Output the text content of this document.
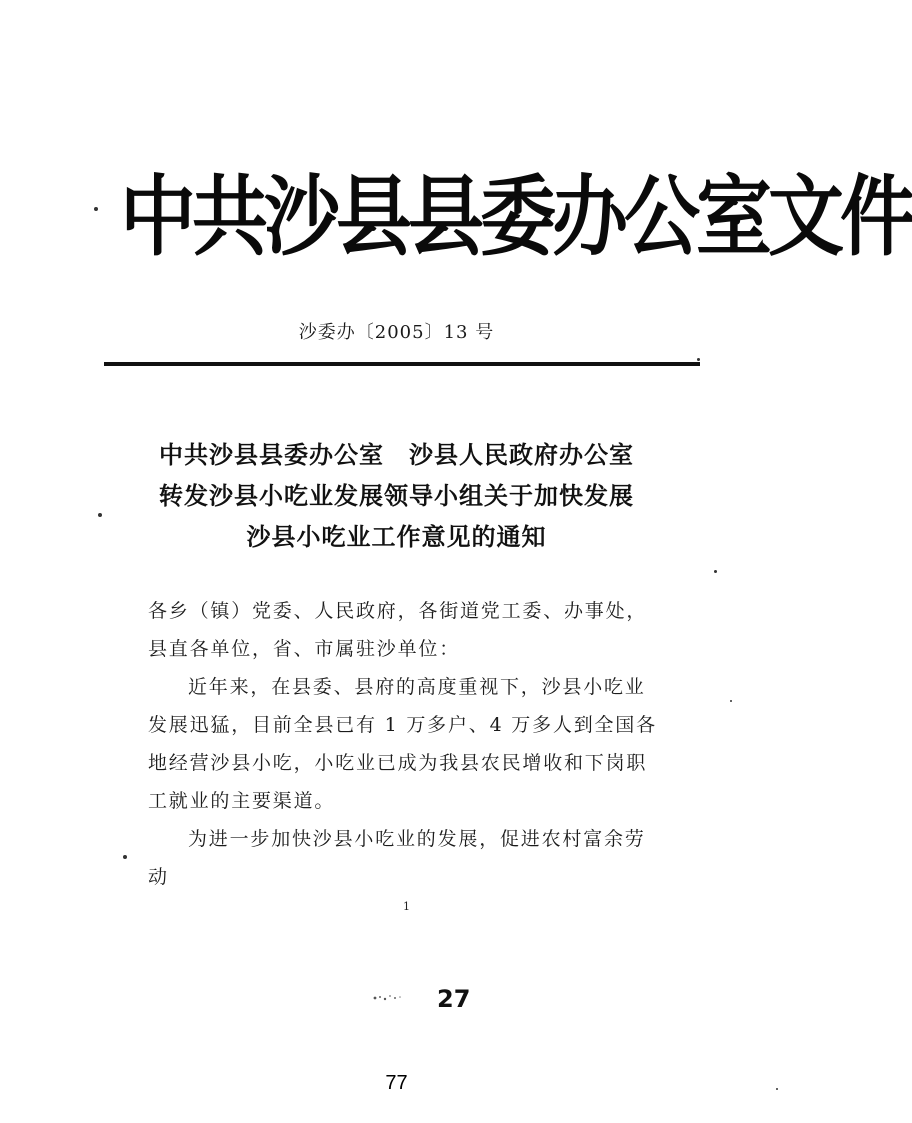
中 共 沙 县 县 委 办 公 室 文 件
沙委办〔2005〕13 号
中共沙县县委办公室　沙县人民政府办公室
转发沙县小吃业发展领导小组关于加快发展
沙县小吃业工作意见的通知

各乡（镇）党委、人民政府，各街道党工委、办事处，县直各单位，省、市属驻沙单位：

近年来，在县委、县府的高度重视下，沙县小吃业发展迅猛，目前全县已有 1 万多户、4 万多人到全国各地经营沙县小吃，小吃业已成为我县农民增收和下岗职工就业的主要渠道。

为进一步加快沙县小吃业的发展，促进农村富余劳动

1
27
77
